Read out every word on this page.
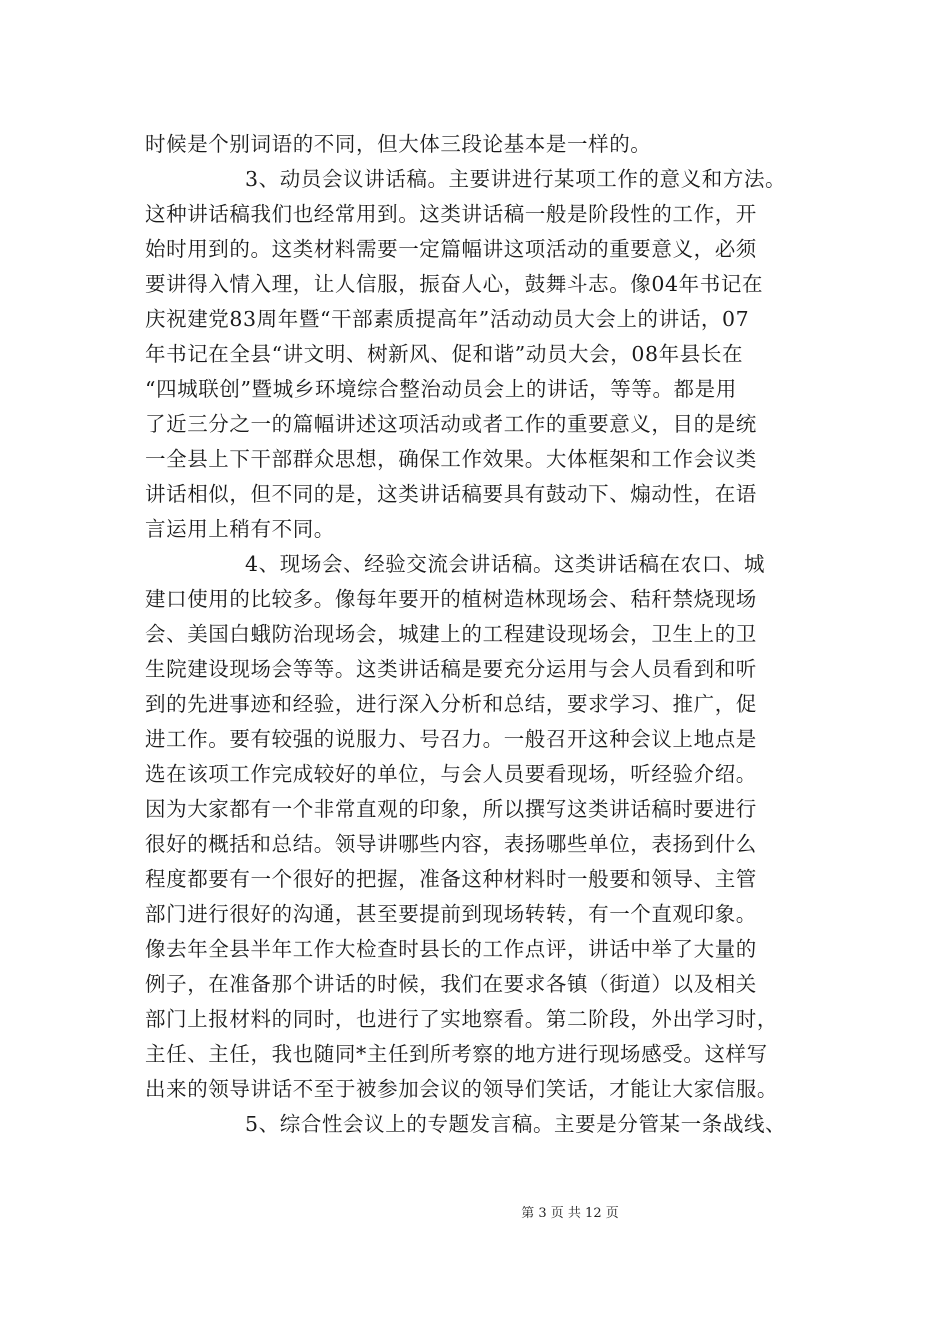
时候是个别词语的不同，但大体三段论基本是一样的。
3、动员会议讲话稿。主要讲进行某项工作的意义和方法。
这种讲话稿我们也经常用到。这类讲话稿一般是阶段性的工作，开
始时用到的。这类材料需要一定篇幅讲这项活动的重要意义，必须
要讲得入情入理，让人信服，振奋人心，鼓舞斗志。像04年书记在
庆祝建党83周年暨“干部素质提高年”活动动员大会上的讲话，07
年书记在全县“讲文明、树新风、促和谐”动员大会，08年县长在
“四城联创”暨城乡环境综合整治动员会上的讲话，等等。都是用
了近三分之一的篇幅讲述这项活动或者工作的重要意义，目的是统
一全县上下干部群众思想，确保工作效果。大体框架和工作会议类
讲话相似，但不同的是，这类讲话稿要具有鼓动下、煽动性，在语
言运用上稍有不同。
4、现场会、经验交流会讲话稿。这类讲话稿在农口、城
建口使用的比较多。像每年要开的植树造林现场会、秸秆禁烧现场
会、美国白蛾防治现场会，城建上的工程建设现场会，卫生上的卫
生院建设现场会等等。这类讲话稿是要充分运用与会人员看到和听
到的先进事迹和经验，进行深入分析和总结，要求学习、推广，促
进工作。要有较强的说服力、号召力。一般召开这种会议上地点是
选在该项工作完成较好的单位，与会人员要看现场，听经验介绍。
因为大家都有一个非常直观的印象，所以撰写这类讲话稿时要进行
很好的概括和总结。领导讲哪些内容，表扬哪些单位，表扬到什么
程度都要有一个很好的把握，准备这种材料时一般要和领导、主管
部门进行很好的沟通，甚至要提前到现场转转，有一个直观印象。
像去年全县半年工作大检查时县长的工作点评，讲话中举了大量的
例子，在准备那个讲话的时候，我们在要求各镇（街道）以及相关
部门上报材料的同时，也进行了实地察看。第二阶段，外出学习时，
主任、主任，我也随同*主任到所考察的地方进行现场感受。这样写
出来的领导讲话不至于被参加会议的领导们笑话，才能让大家信服。
5、综合性会议上的专题发言稿。主要是分管某一条战线、
第 3 页 共 12 页
